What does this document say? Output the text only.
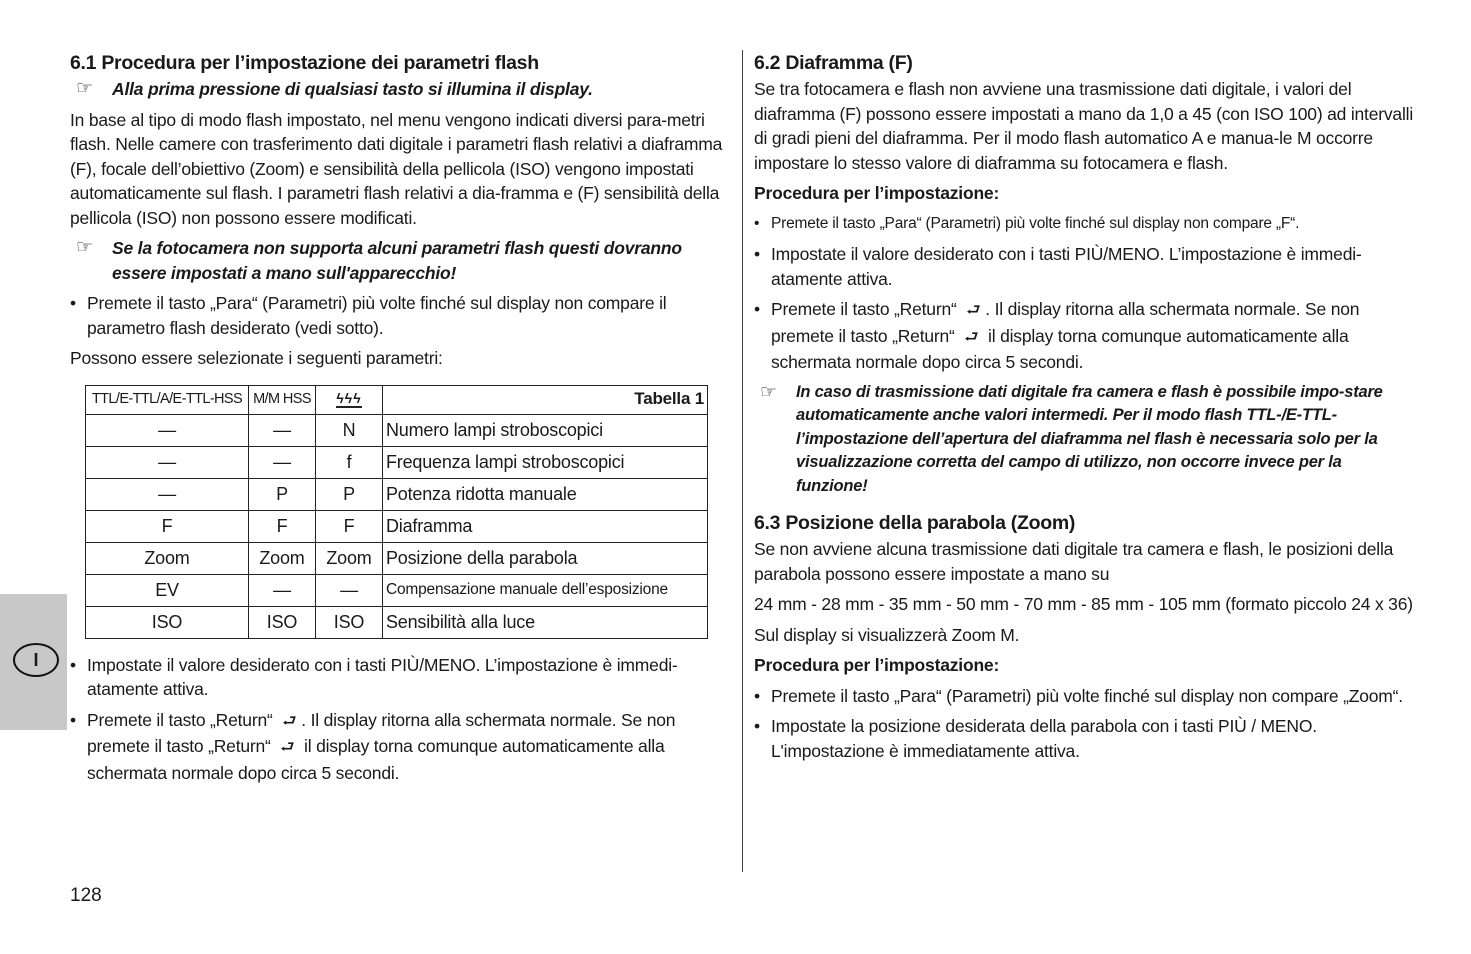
6.1 Procedura per l’impostazione dei parametri flash
☞ Alla prima pressione di qualsiasi tasto si illumina il display.

In base al tipo di modo flash impostato, nel menu vengono indicati diversi para-metri flash. Nelle camere con trasferimento dati digitale i parametri flash relativi a diaframma (F), focale dell’obiettivo (Zoom) e sensibilità della pellicola (ISO) vengono impostati automaticamente sul flash. I parametri flash relativi a dia-framma e (F) sensibilità della pellicola (ISO) non possono essere modificati.

☞ Se la fotocamera non supporta alcuni parametri flash questi dovranno essere impostati a mano sull'apparecchio!
• Premete il tasto „Para“ (Parametri) più volte finché sul display non compare il parametro flash desiderato (vedi sotto).

Possono essere selezionate i seguenti parametri:

TTL/E-TTL/A/E-TTL-HSS	M/M HSS	ϟϟϟ	Tabella 1
—	—	N	Numero lampi stroboscopici
—	—	f	Frequenza lampi stroboscopici
—	P	P	Potenza ridotta manuale
F	F	F	Diaframma
Zoom	Zoom	Zoom	Posizione della parabola
EV	—	—	Compensazione manuale dell’esposizione
ISO	ISO	ISO	Sensibilità alla luce
• Impostate il valore desiderato con i tasti PIÙ/MENO. L’impostazione è immedi-atamente attiva.
• Premete il tasto „Return“ ⮐ . Il display ritorna alla schermata normale. Se non premete il tasto „Return“ ⮐ il display torna comunque automaticamente alla schermata normale dopo circa 5 secondi.
6.2 Diaframma (F)

Se tra fotocamera e flash non avviene una trasmissione dati digitale, i valori del diaframma (F) possono essere impostati a mano da 1,0 a 45 (con ISO 100) ad intervalli di gradi pieni del diaframma. Per il modo flash automatico A e manua-le M occorre impostare lo stesso valore di diaframma su fotocamera e flash.

Procedura per l’impostazione:

• Premete il tasto „Para“ (Parametri) più volte finché sul display non compare „F“.
• Impostate il valore desiderato con i tasti PIÙ/MENO. L’impostazione è immedi-atamente attiva.
• Premete il tasto „Return“ ⮐ . Il display ritorna alla schermata normale. Se non premete il tasto „Return“ ⮐ il display torna comunque automaticamente alla schermata normale dopo circa 5 secondi.
☞ In caso di trasmissione dati digitale fra camera e flash è possibile impo-stare automaticamente anche valori intermedi. Per il modo flash TTL-/E-TTL-l’impostazione dell’apertura del diaframma nel flash è necessaria solo per la visualizzazione corretta del campo di utilizzo, non occorre invece per la funzione!
6.3 Posizione della parabola (Zoom)

Se non avviene alcuna trasmissione dati digitale tra camera e flash, le posizioni della parabola possono essere impostate a mano su

24 mm - 28 mm - 35 mm - 50 mm - 70 mm - 85 mm - 105 mm (formato piccolo 24 x 36)

Sul display si visualizzerà Zoom M.

Procedura per l’impostazione:

• Premete il tasto „Para“ (Parametri) più volte finché sul display non compare „Zoom“.
• Impostate la posizione desiderata della parabola con i tasti PIÙ / MENO. L'impostazione è immediatamente attiva.
I
128
